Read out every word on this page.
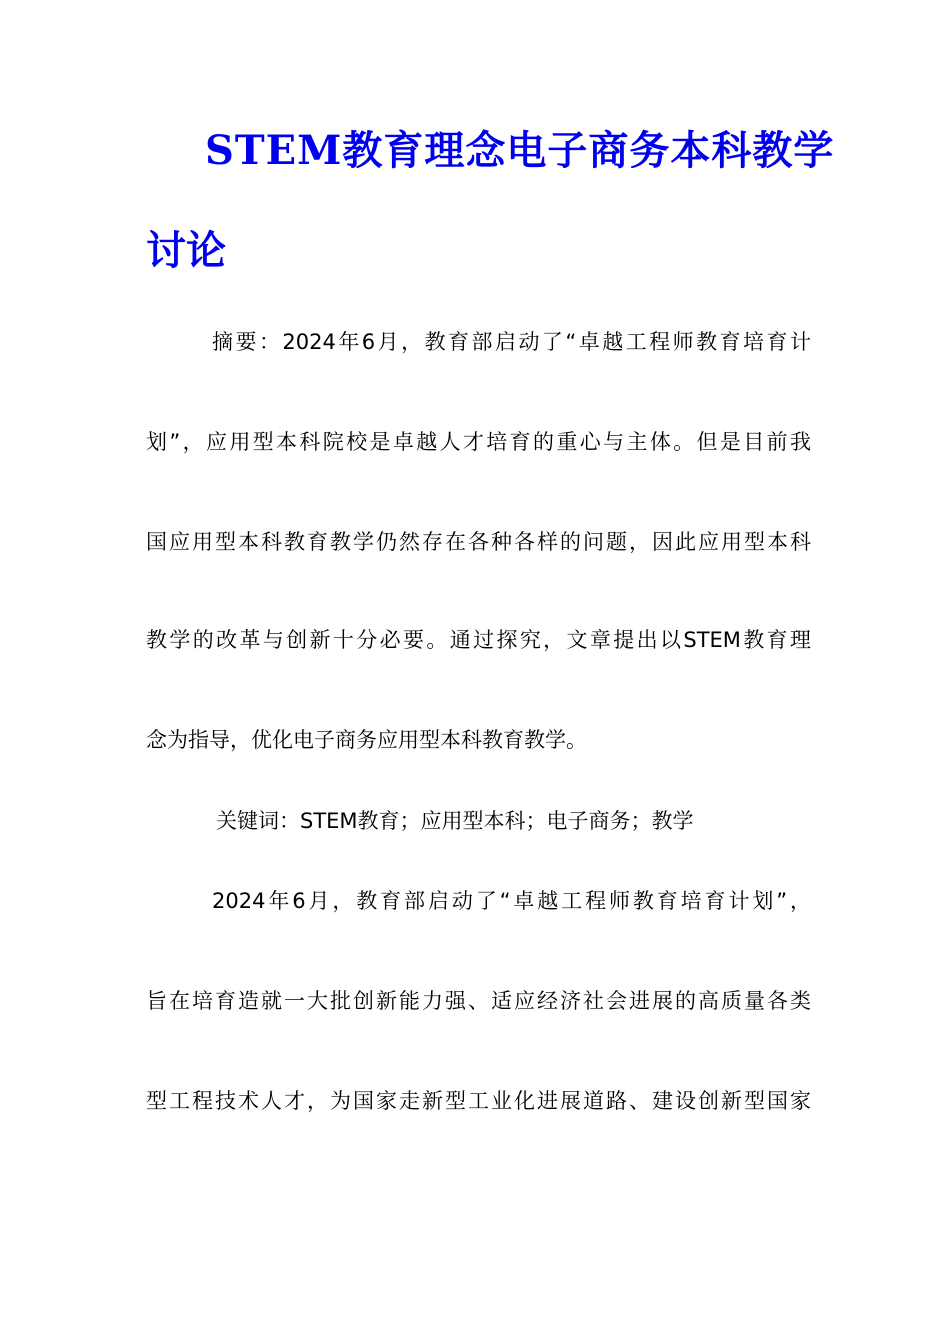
STEM教育理念电子商务本科教学
讨论
摘要：2024年6月，教育部启动了“卓越工程师教育培育计
划”，应用型本科院校是卓越人才培育的重心与主体。但是目前我
国应用型本科教育教学仍然存在各种各样的问题，因此应用型本科
教学的改革与创新十分必要。通过探究，文章提出以STEM教育理
念为指导，优化电子商务应用型本科教育教学。
关键词：STEM教育；应用型本科；电子商务；教学
2024年6月，教育部启动了“卓越工程师教育培育计划”，
旨在培育造就一大批创新能力强、适应经济社会进展的高质量各类
型工程技术人才，为国家走新型工业化进展道路、建设创新型国家
